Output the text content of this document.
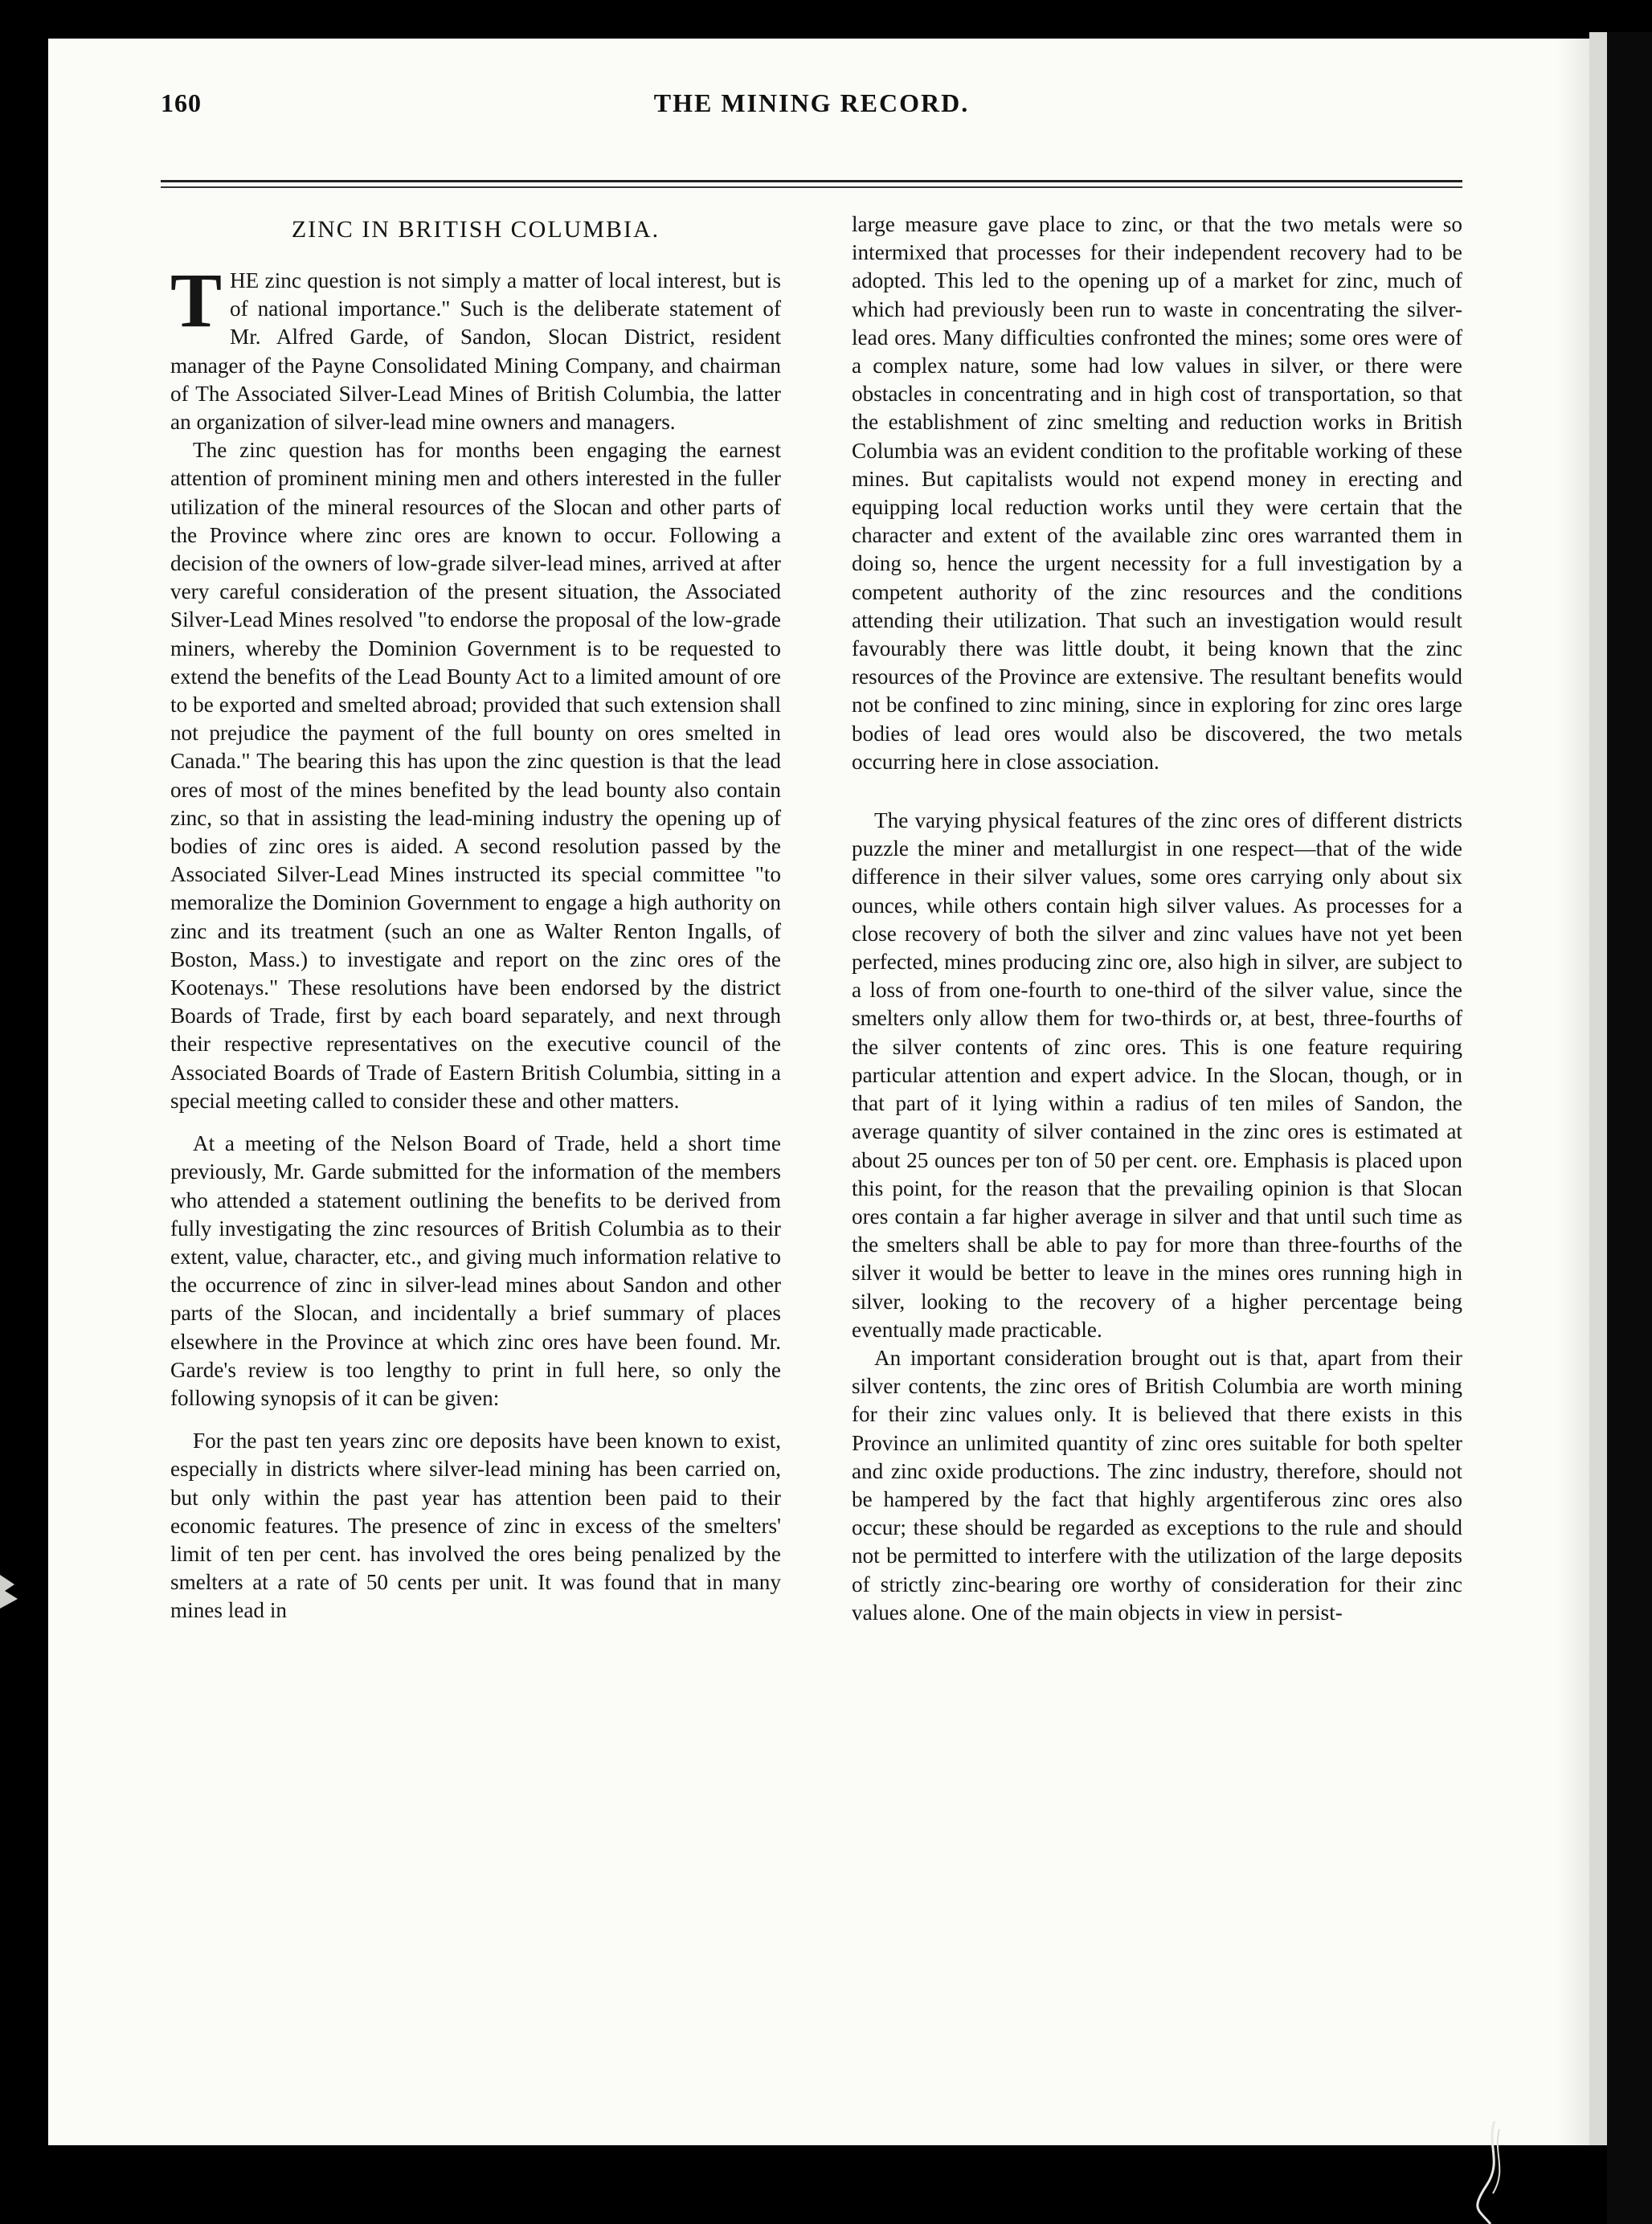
160	THE MINING RECORD.
ZINC IN BRITISH COLUMBIA.

THE zinc question is not simply a matter of local interest, but is of national importance." Such is the deliberate statement of Mr. Alfred Garde, of Sandon, Slocan District, resident manager of the Payne Consolidated Mining Company, and chairman of The Associated Silver-Lead Mines of British Columbia, the latter an organization of silver-lead mine owners and managers.

The zinc question has for months been engaging the earnest attention of prominent mining men and others interested in the fuller utilization of the mineral resources of the Slocan and other parts of the Province where zinc ores are known to occur. Following a decision of the owners of low-grade silver-lead mines, arrived at after very careful consideration of the present situation, the Associated Silver-Lead Mines resolved "to endorse the proposal of the low-grade miners, whereby the Dominion Government is to be requested to extend the benefits of the Lead Bounty Act to a limited amount of ore to be exported and smelted abroad; provided that such extension shall not prejudice the payment of the full bounty on ores smelted in Canada." The bearing this has upon the zinc question is that the lead ores of most of the mines benefited by the lead bounty also contain zinc, so that in assisting the lead-mining industry the opening up of bodies of zinc ores is aided. A second resolution passed by the Associated Silver-Lead Mines instructed its special committee "to memoralize the Dominion Government to engage a high authority on zinc and its treatment (such an one as Walter Renton Ingalls, of Boston, Mass.) to investigate and report on the zinc ores of the Kootenays." These resolutions have been endorsed by the district Boards of Trade, first by each board separately, and next through their respective representatives on the executive council of the Associated Boards of Trade of Eastern British Columbia, sitting in a special meeting called to consider these and other matters.

At a meeting of the Nelson Board of Trade, held a short time previously, Mr. Garde submitted for the information of the members who attended a statement outlining the benefits to be derived from fully investigating the zinc resources of British Columbia as to their extent, value, character, etc., and giving much information relative to the occurrence of zinc in silver-lead mines about Sandon and other parts of the Slocan, and incidentally a brief summary of places elsewhere in the Province at which zinc ores have been found. Mr. Garde's review is too lengthy to print in full here, so only the following synopsis of it can be given:

For the past ten years zinc ore deposits have been known to exist, especially in districts where silver-lead mining has been carried on, but only within the past year has attention been paid to their economic features. The presence of zinc in excess of the smelters' limit of ten per cent. has involved the ores being penalized by the smelters at a rate of 50 cents per unit. It was found that in many mines lead in

large measure gave place to zinc, or that the two metals were so intermixed that processes for their independent recovery had to be adopted. This led to the opening up of a market for zinc, much of which had previously been run to waste in concentrating the silver-lead ores. Many difficulties confronted the mines; some ores were of a complex nature, some had low values in silver, or there were obstacles in concentrating and in high cost of transportation, so that the establishment of zinc smelting and reduction works in British Columbia was an evident condition to the profitable working of these mines. But capitalists would not expend money in erecting and equipping local reduction works until they were certain that the character and extent of the available zinc ores warranted them in doing so, hence the urgent necessity for a full investigation by a competent authority of the zinc resources and the conditions attending their utilization. That such an investigation would result favourably there was little doubt, it being known that the zinc resources of the Province are extensive. The resultant benefits would not be confined to zinc mining, since in exploring for zinc ores large bodies of lead ores would also be discovered, the two metals occurring here in close association.

The varying physical features of the zinc ores of different districts puzzle the miner and metallurgist in one respect—that of the wide difference in their silver values, some ores carrying only about six ounces, while others contain high silver values. As processes for a close recovery of both the silver and zinc values have not yet been perfected, mines producing zinc ore, also high in silver, are subject to a loss of from one-fourth to one-third of the silver value, since the smelters only allow them for two-thirds or, at best, three-fourths of the silver contents of zinc ores. This is one feature requiring particular attention and expert advice. In the Slocan, though, or in that part of it lying within a radius of ten miles of Sandon, the average quantity of silver contained in the zinc ores is estimated at about 25 ounces per ton of 50 per cent. ore. Emphasis is placed upon this point, for the reason that the prevailing opinion is that Slocan ores contain a far higher average in silver and that until such time as the smelters shall be able to pay for more than three-fourths of the silver it would be better to leave in the mines ores running high in silver, looking to the recovery of a higher percentage being eventually made practicable.

An important consideration brought out is that, apart from their silver contents, the zinc ores of British Columbia are worth mining for their zinc values only. It is believed that there exists in this Province an unlimited quantity of zinc ores suitable for both spelter and zinc oxide productions. The zinc industry, therefore, should not be hampered by the fact that highly argentiferous zinc ores also occur; these should be regarded as exceptions to the rule and should not be permitted to interfere with the utilization of the large deposits of strictly zinc-bearing ore worthy of consideration for their zinc values alone. One of the main objects in view in persist-
